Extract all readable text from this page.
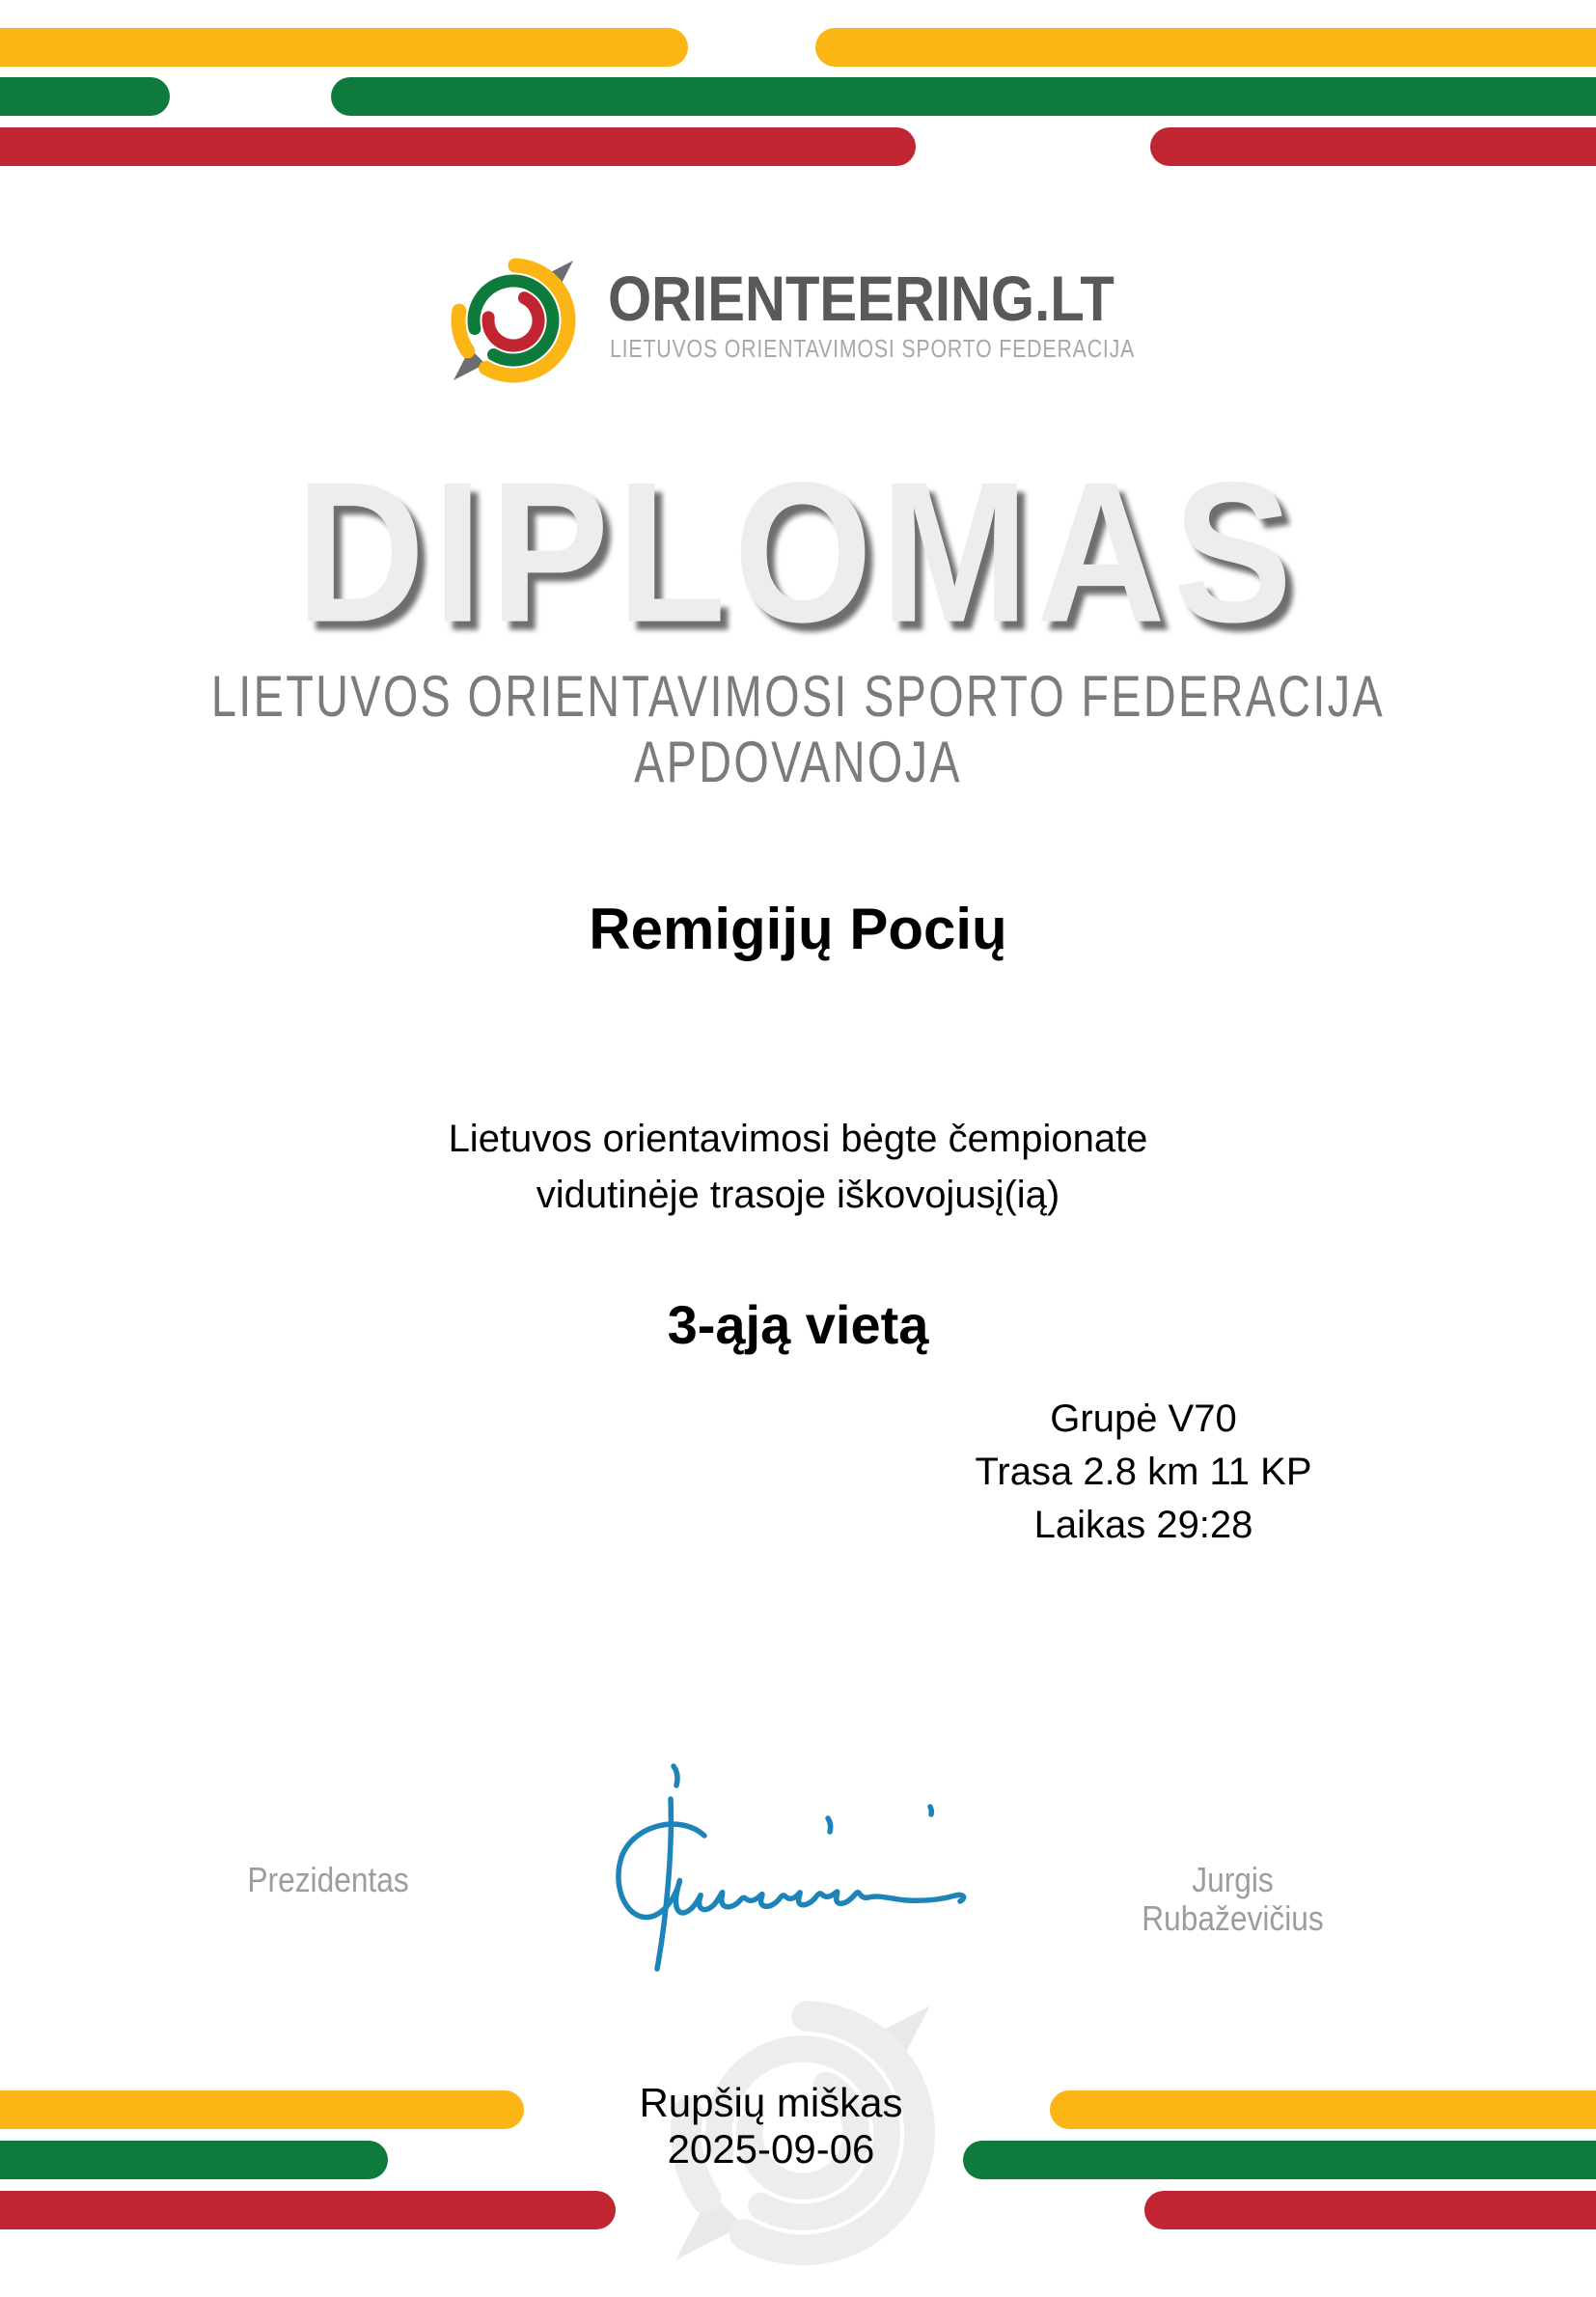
ORIENTEERING.LT
LIETUVOS ORIENTAVIMOSI SPORTO FEDERACIJA
DIPLOMAS
LIETUVOS ORIENTAVIMOSI SPORTO FEDERACIJA
APDOVANOJA
Remigijų Pocių
Lietuvos orientavimosi bėgte čempionate
vidutinėje trasoje iškovojusį(ią)
3-ąją vietą
Grupė V70
Trasa 2.8 km 11 KP
Laikas 29:28
Prezidentas	Jurgis Rubaževičius
Rupšių miškas
2025-09-06
